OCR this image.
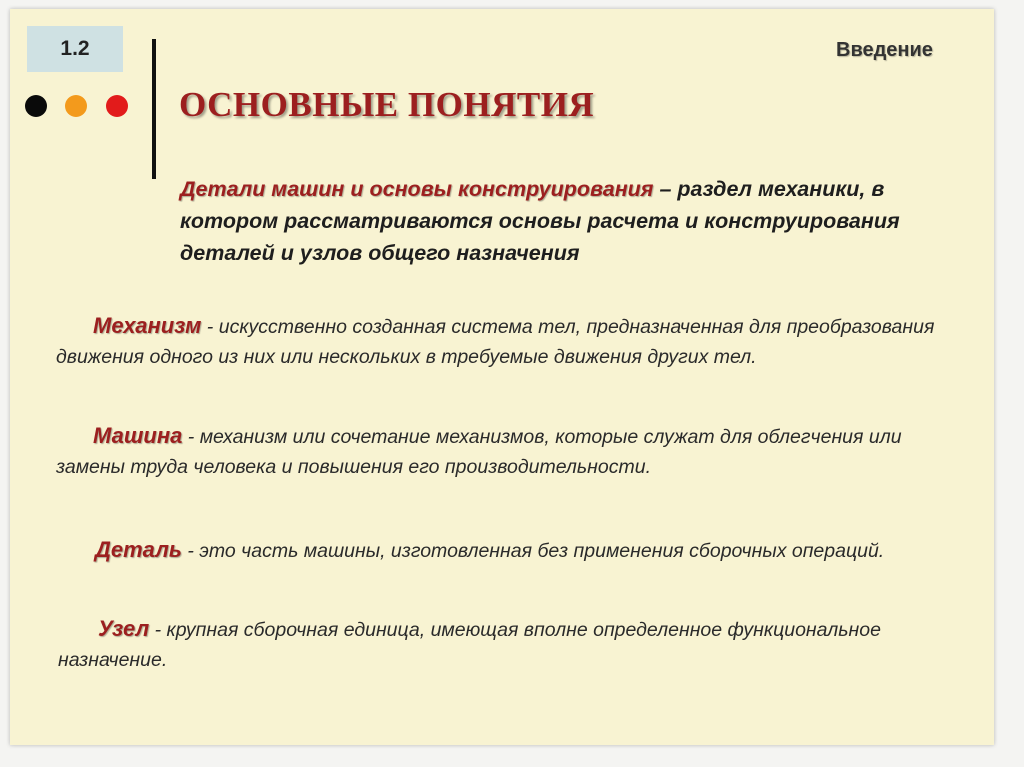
1.2	Введение
ОСНОВНЫЕ ПОНЯТИЯ
Детали машин и основы конструирования – раздел механики, в котором рассматриваются основы расчета и конструирования деталей и узлов общего назначения
Механизм - искусственно созданная система тел, предназначенная для преобразования движения одного из них или нескольких в требуемые движения других тел.
Машина - механизм или сочетание механизмов, которые служат для облегчения или замены труда человека и повышения его производительности.
Деталь - это часть машины, изготовленная без применения сборочных операций.
Узел - крупная сборочная единица, имеющая вполне определенное функциональное назначение.
